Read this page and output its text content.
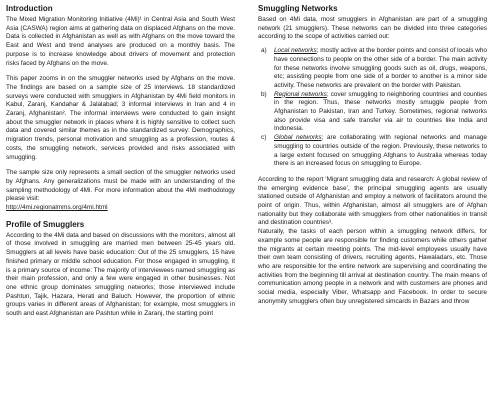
Introduction

The Mixed Migration Monitoring Initiative (4Mi)¹ in Central Asia and South West Asia (CASWA) region aims at gathering data on displaced Afghans on the move. Data is collected in Afghanistan as well as with Afghans on the move toward the East and West and trend analyses are produced on a monthly basis. The purpose is to increase knowledge about drivers of movement and protection risks faced by Afghans on the move.

This paper zooms in on the smuggler networks used by Afghans on the move. The findings are based on a sample size of 25 interviews. 18 standardized surveys were conducted with smugglers in Afghanistan by 4Mi field monitors in Kabul, Zaranj, Kandahar & Jalalabad; 3 informal interviews in Iran and 4 in Zaranj, Afghanistan². The informal interviews were conducted to gain insight about the smuggler network in places where it is highly sensitive to collect such data and covered similar themes as in the standardized survey: Demographics, migration trends, personal motivation and smuggling as a profession, routes & costs, the smuggling network, services provided and risks associated with smuggling.

The sample size only represents a small section of the smuggler networks used by Afghans. Any generalizations must be made with an understanding of the sampling methodology of 4Mi. For more information about the 4Mi methodology please visit:
http://4mi.regionalmms.org/4mi.html

Profile of Smugglers

According to the 4Mi data and based on discussions with the monitors, almost all of those involved in smuggling are married men between 25-45 years old. Smugglers at all levels have basic education: Out of the 25 smugglers, 15 have finished primary or middle school education. For those engaged in smuggling, it is a primary source of income: The majority of interviewees named smuggling as their main profession, and only a few were engaged in other businesses. Not one ethnic group dominates smuggling networks; those interviewed include Pashtun, Tajik, Hazara, Herati and Baluch. However, the proportion of ethnic groups varies in different areas of Afghanistan; for example, most smugglers in south and east Afghanistan are Pashtun while in Zaranj, the starting point

Smuggling Networks

Based on 4Mi data, most smugglers in Afghanistan are part of a smuggling network (21 smugglers). These networks can be divided into three categories according to the scope of activities carried out:

a)	Local networks; mostly active at the border points and consist of locals who have connections to people on the other side of a border. The main activity for these networks involve smuggling goods such as oil, drugs, weapons, etc; assisting people from one side of a border to another is a minor side activity. These networks are prevalent on the border with Pakistan.
b)	Regional networks; cover smuggling to neighboring countries and counties in the region. Thus, these networks mostly smuggle people from Afghanistan to Pakistan, Iran and Turkey. Sometimes, regional networks also provide visa and safe transfer via air to countries like India and Indonesia.
c)	Global networks; are collaborating with regional networks and manage smuggling to countries outside of the region. Previously, these networks to a large extent focused on smuggling Afghans to Australia whereas today there is an increased focus on smuggling to Europe.

According to the report ‘Migrant smuggling data and research: A global review of the emerging evidence base’, the principal smuggling agents are usually stationed outside of Afghanistan and employ a network of facilitators around the point of origin. Thus, within Afghanistan, almost all smugglers are of Afghan nationality but they collaborate with smugglers from other nationalities in transit and destination countries³.

Naturally, the tasks of each person within a smuggling network differs, for example some people are responsible for finding customers while others gather the migrants at certain meeting points. The mid-level employees usually have their own team consisting of drivers, recruiting agents, Hawaladars, etc. Those who are responsible for the entire network are supervising and coordinating the activities from the beginning till arrival at destination country. The main means of communication among people in a network and with customers are phones and social media, especially Viber, Whatsapp and Facebook. In order to secure anonymity smugglers often buy unregistered simcards in Bazars and throw
